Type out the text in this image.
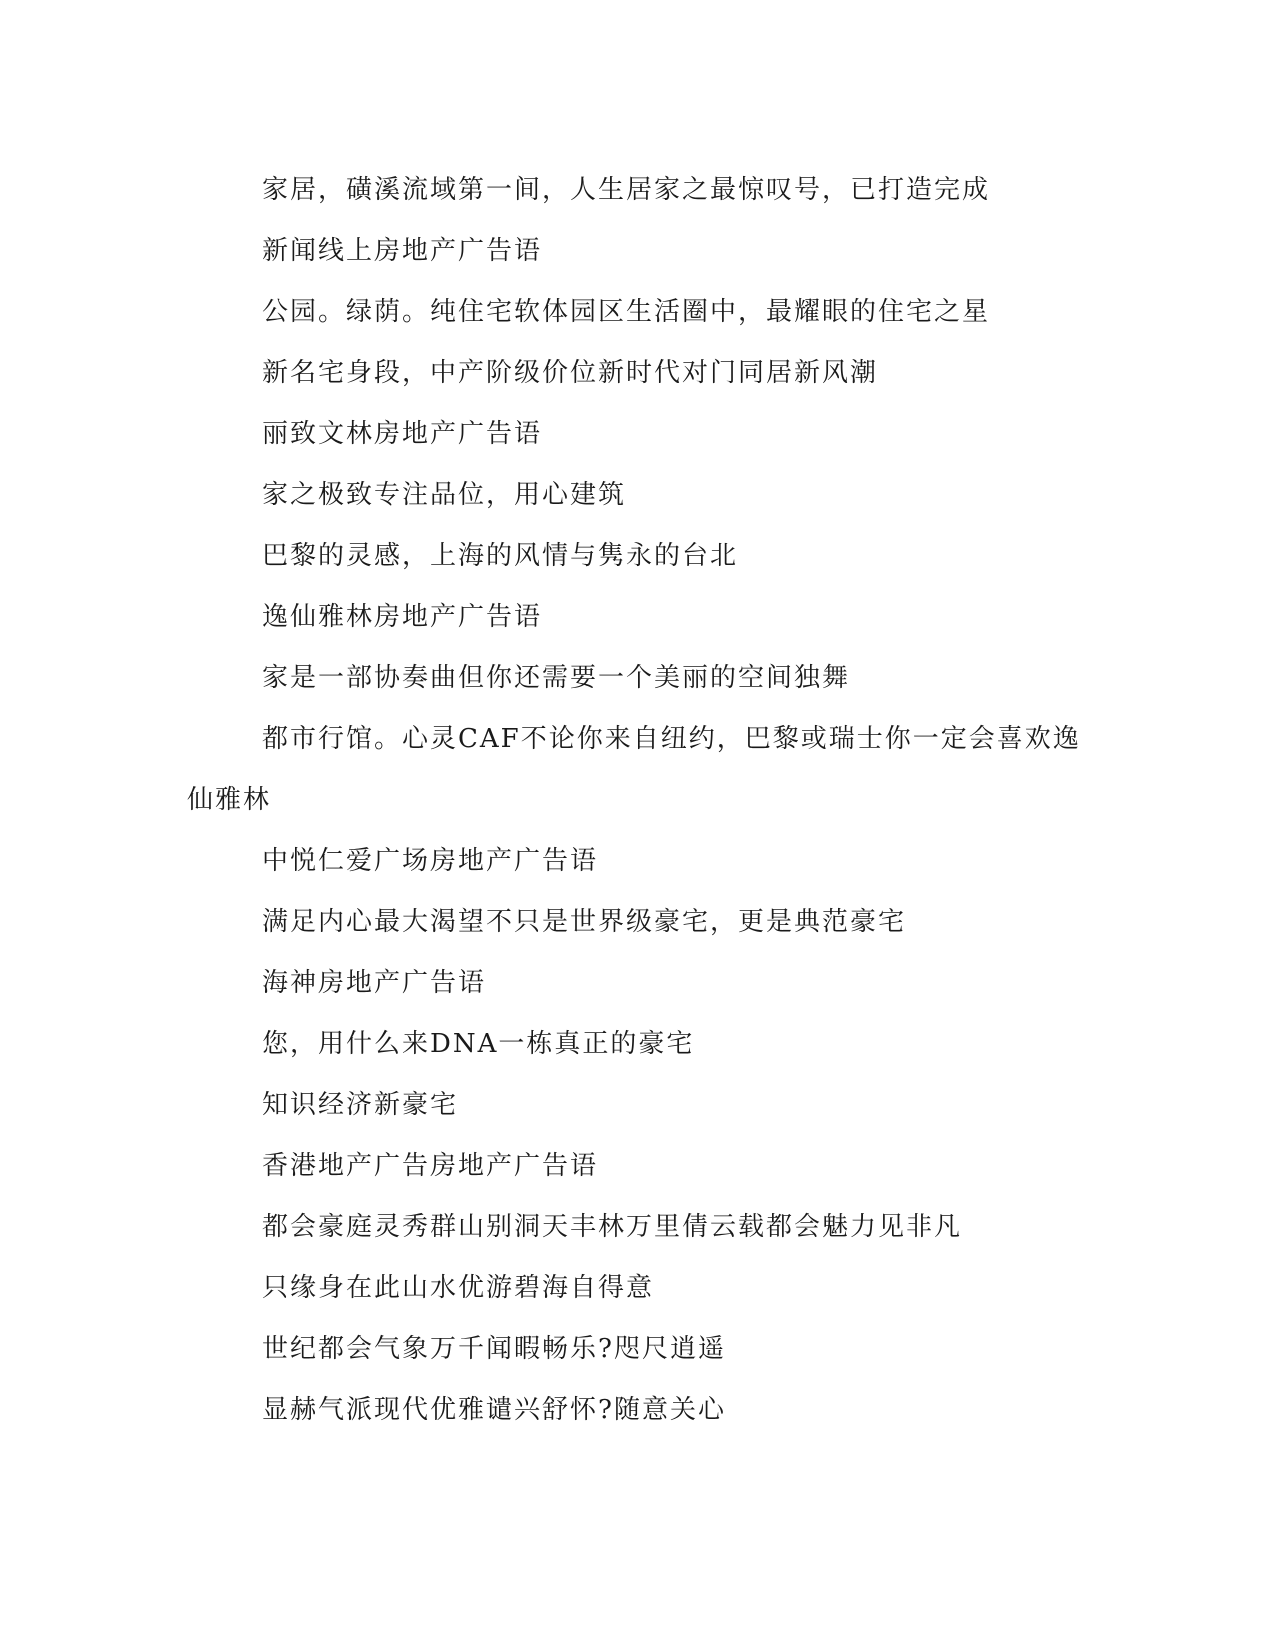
家居，磺溪流域第一间，人生居家之最惊叹号，已打造完成

新闻线上房地产广告语

公园。绿荫。纯住宅软体园区生活圈中，最耀眼的住宅之星

新名宅身段，中产阶级价位新时代对门同居新风潮

丽致文林房地产广告语

家之极致专注品位，用心建筑

巴黎的灵感，上海的风情与隽永的台北

逸仙雅林房地产广告语

家是一部协奏曲但你还需要一个美丽的空间独舞

都市行馆。心灵CAF不论你来自纽约，巴黎或瑞士你一定会喜欢逸仙雅林

中悦仁爱广场房地产广告语

满足内心最大渴望不只是世界级豪宅，更是典范豪宅

海神房地产广告语

您，用什么来DNA一栋真正的豪宅

知识经济新豪宅

香港地产广告房地产广告语

都会豪庭灵秀群山别洞天丰林万里倩云载都会魅力见非凡

只缘身在此山水优游碧海自得意

世纪都会气象万千闻暇畅乐?咫尺逍遥

显赫气派现代优雅谴兴舒怀?随意关心
